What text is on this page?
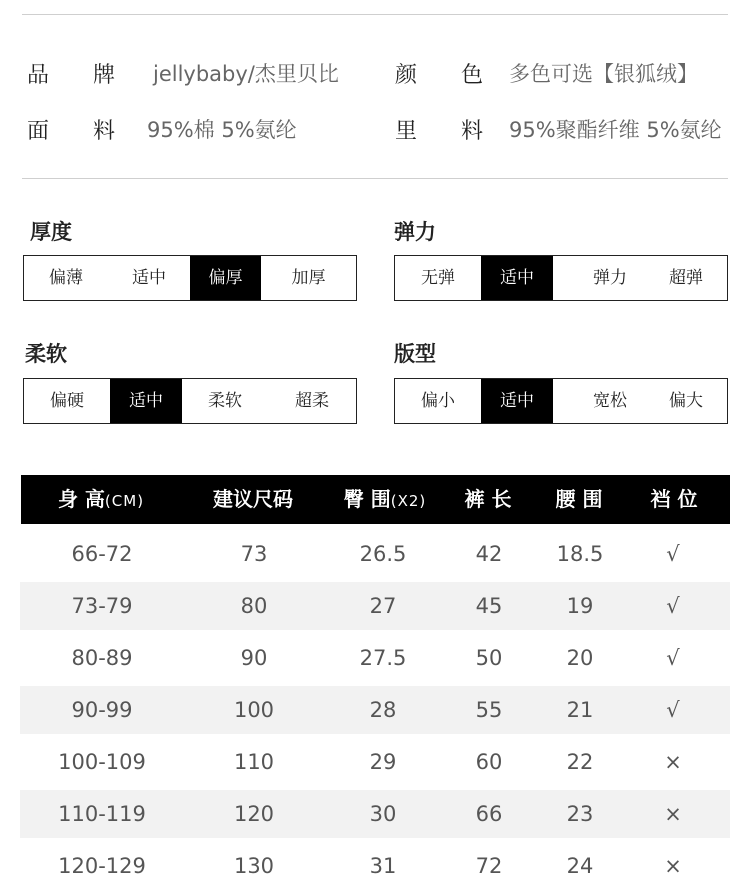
品 牌 jellybaby/杰里贝比	颜 色 多色可选【银狐绒】
面 料 95%棉 5%氨纶	里 料 95%聚酯纤维 5%氨纶
厚度
偏薄	适中	偏厚	加厚
弹力
无弹	适中	弹力	超弹
柔软
偏硬	适中	柔软	超柔
版型
偏小	适中	宽松	偏大
身 高(CM)	建议尺码	臀 围(X2)	裤 长	腰 围	裆 位
66-72	73	26.5	42	18.5	√
73-79	80	27	45	19	√
80-89	90	27.5	50	20	√
90-99	100	28	55	21	√
100-109	110	29	60	22	×
110-119	120	30	66	23	×
120-129	130	31	72	24	×
